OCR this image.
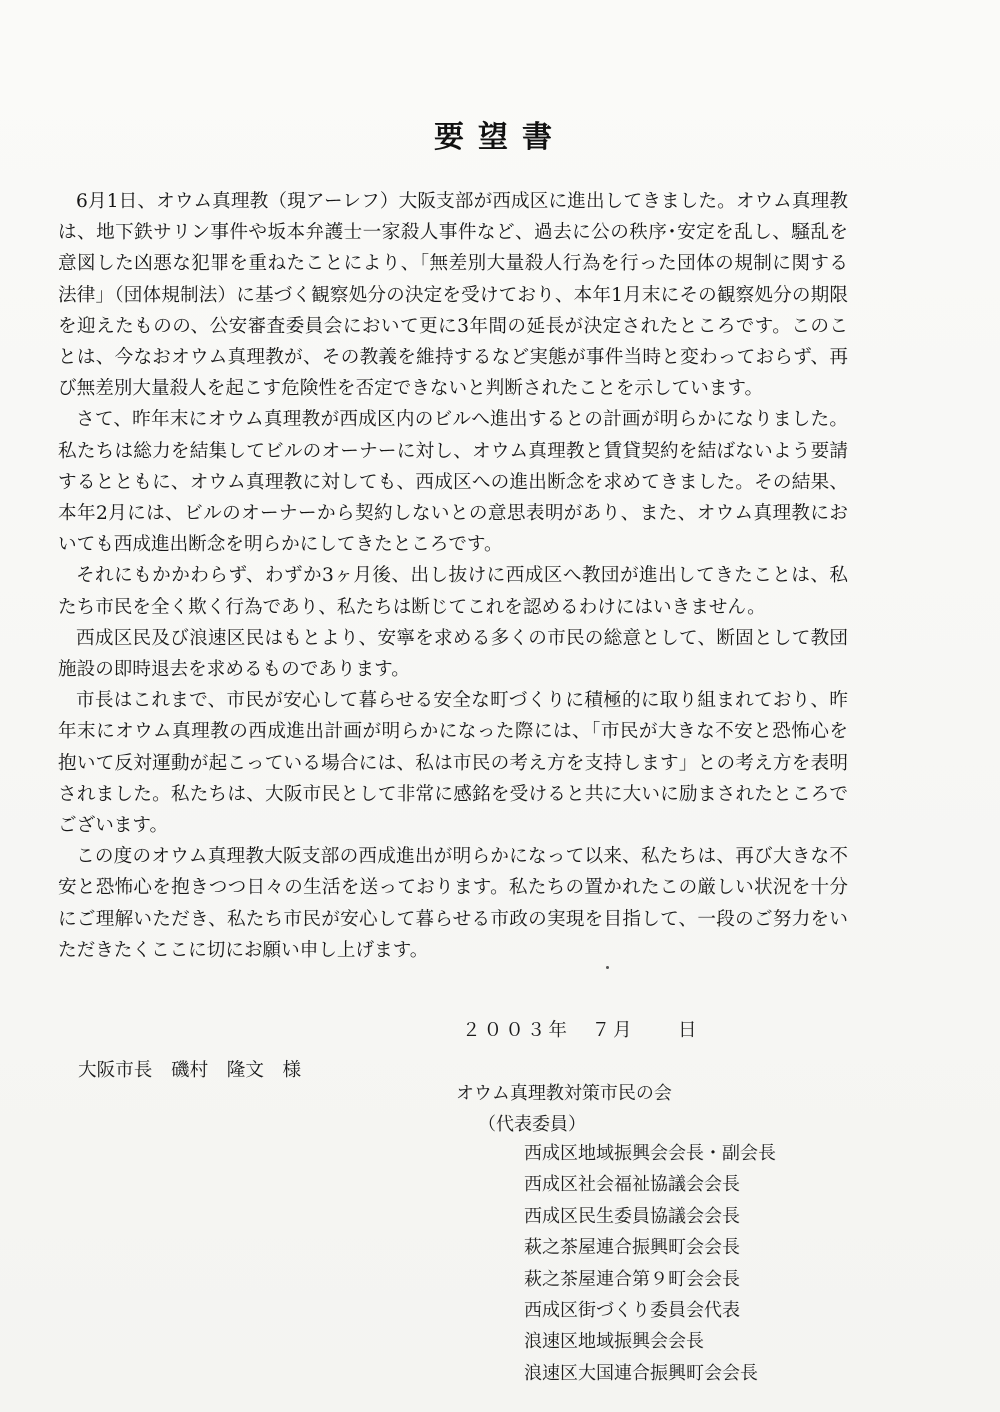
要望書

6月1日、オウム真理教（現アーレフ）大阪支部が西成区に進出してきました。オウム真理教は、地下鉄サリン事件や坂本弁護士一家殺人事件など、過去に公の秩序･安定を乱し、騒乱を意図した凶悪な犯罪を重ねたことにより、「無差別大量殺人行為を行った団体の規制に関する法律」（団体規制法）に基づく観察処分の決定を受けており、本年1月末にその観察処分の期限を迎えたものの、公安審査委員会において更に3年間の延長が決定されたところです。このことは、今なおオウム真理教が、その教義を維持するなど実態が事件当時と変わっておらず、再び無差別大量殺人を起こす危険性を否定できないと判断されたことを示しています。

さて、昨年末にオウム真理教が西成区内のビルへ進出するとの計画が明らかになりました。私たちは総力を結集してビルのオーナーに対し、オウム真理教と賃貸契約を結ばないよう要請するとともに、オウム真理教に対しても、西成区への進出断念を求めてきました。その結果、本年2月には、ビルのオーナーから契約しないとの意思表明があり、また、オウム真理教においても西成進出断念を明らかにしてきたところです。

それにもかかわらず、わずか3ヶ月後、出し抜けに西成区へ教団が進出してきたことは、私たち市民を全く欺く行為であり、私たちは断じてこれを認めるわけにはいきません。

西成区民及び浪速区民はもとより、安寧を求める多くの市民の総意として、断固として教団施設の即時退去を求めるものであります。

市長はこれまで、市民が安心して暮らせる安全な町づくりに積極的に取り組まれており、昨年末にオウム真理教の西成進出計画が明らかになった際には、「市民が大きな不安と恐怖心を抱いて反対運動が起こっている場合には、私は市民の考え方を支持します」との考え方を表明されました。私たちは、大阪市民として非常に感銘を受けると共に大いに励まされたところでございます。

この度のオウム真理教大阪支部の西成進出が明らかになって以来、私たちは、再び大きな不安と恐怖心を抱きつつ日々の生活を送っております。私たちの置かれたこの厳しい状況を十分にご理解いただき、私たち市民が安心して暮らせる市政の実現を目指して、一段のご努力をいただきたくここに切にお願い申し上げます。

２００３年　７月　　日
大阪市長　磯村　隆文　様
オウム真理教対策市民の会
（代表委員）
西成区地域振興会会長・副会長
西成区社会福祉協議会会長
西成区民生委員協議会会長
萩之茶屋連合振興町会会長
萩之茶屋連合第９町会会長
西成区街づくり委員会代表
浪速区地域振興会会長
浪速区大国連合振興町会会長
